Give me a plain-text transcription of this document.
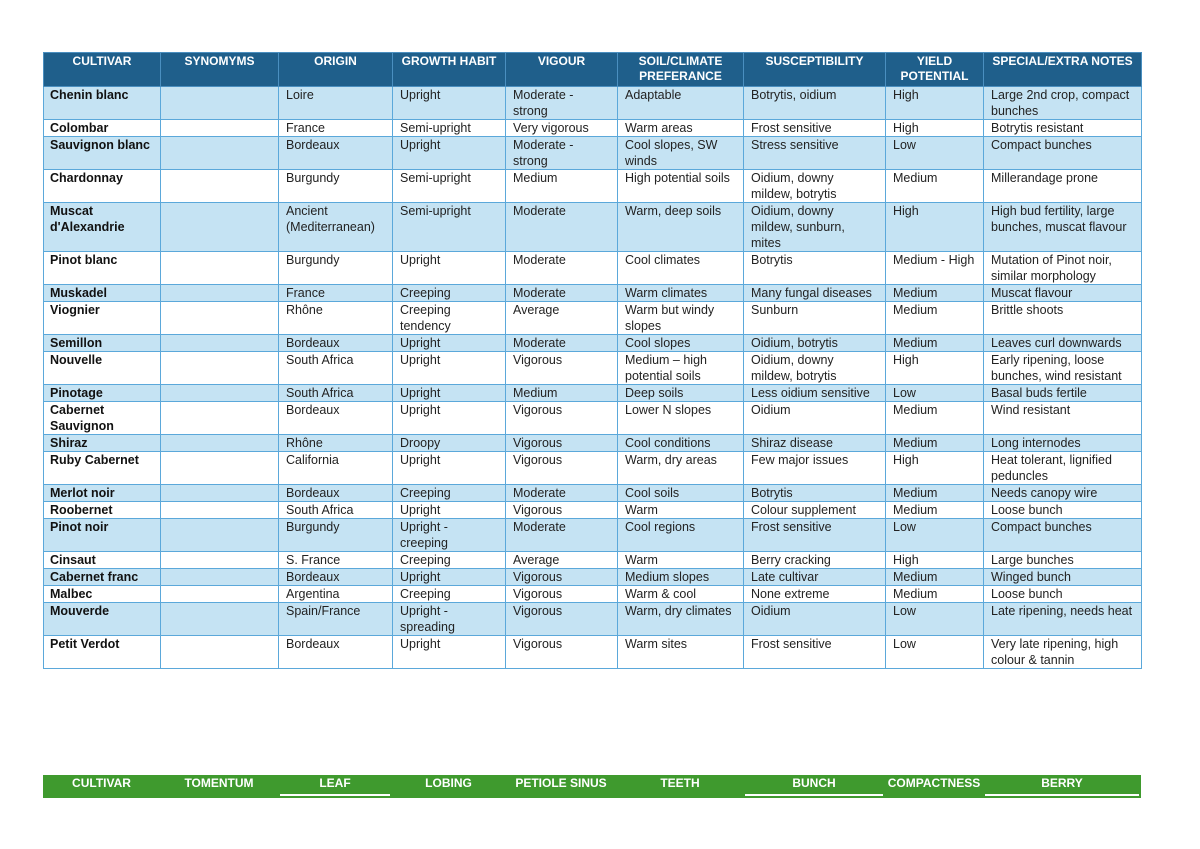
CULTIVAR	SYNOMYMS	ORIGIN	GROWTH HABIT	VIGOUR	SOIL/CLIMATE PREFERANCE	SUSCEPTIBILITY	YIELD POTENTIAL	SPECIAL/EXTRA NOTES
Chenin blanc		Loire	Upright	Moderate - strong	Adaptable	Botrytis, oidium	High	Large 2nd crop, compact bunches
Colombar		France	Semi-upright	Very vigorous	Warm areas	Frost sensitive	High	Botrytis resistant
Sauvignon blanc		Bordeaux	Upright	Moderate - strong	Cool slopes, SW winds	Stress sensitive	Low	Compact bunches
Chardonnay		Burgundy	Semi-upright	Medium	High potential soils	Oidium, downy mildew, botrytis	Medium	Millerandage prone
Muscat d'Alexandrie		Ancient (Mediterranean)	Semi-upright	Moderate	Warm, deep soils	Oidium, downy mildew, sunburn, mites	High	High bud fertility, large bunches, muscat flavour
Pinot blanc		Burgundy	Upright	Moderate	Cool climates	Botrytis	Medium - High	Mutation of Pinot noir, similar morphology
Muskadel		France	Creeping	Moderate	Warm climates	Many fungal diseases	Medium	Muscat flavour
Viognier		Rhône	Creeping tendency	Average	Warm but windy slopes	Sunburn	Medium	Brittle shoots
Semillon		Bordeaux	Upright	Moderate	Cool slopes	Oidium, botrytis	Medium	Leaves curl downwards
Nouvelle		South Africa	Upright	Vigorous	Medium – high potential soils	Oidium, downy mildew, botrytis	High	Early ripening, loose bunches, wind resistant
Pinotage		South Africa	Upright	Medium	Deep soils	Less oidium sensitive	Low	Basal buds fertile
Cabernet Sauvignon		Bordeaux	Upright	Vigorous	Lower N slopes	Oidium	Medium	Wind resistant
Shiraz		Rhône	Droopy	Vigorous	Cool conditions	Shiraz disease	Medium	Long internodes
Ruby Cabernet		California	Upright	Vigorous	Warm, dry areas	Few major issues	High	Heat tolerant, lignified peduncles
Merlot noir		Bordeaux	Creeping	Moderate	Cool soils	Botrytis	Medium	Needs canopy wire
Roobernet		South Africa	Upright	Vigorous	Warm	Colour supplement	Medium	Loose bunch
Pinot noir		Burgundy	Upright - creeping	Moderate	Cool regions	Frost sensitive	Low	Compact bunches
Cinsaut		S. France	Creeping	Average	Warm	Berry cracking	High	Large bunches
Cabernet franc		Bordeaux	Upright	Vigorous	Medium slopes	Late cultivar	Medium	Winged bunch
Malbec		Argentina	Creeping	Vigorous	Warm & cool	None extreme	Medium	Loose bunch
Mouverde		Spain/France	Upright - spreading	Vigorous	Warm, dry climates	Oidium	Low	Late ripening, needs heat
Petit Verdot		Bordeaux	Upright	Vigorous	Warm sites	Frost sensitive	Low	Very late ripening, high colour & tannin
CULTIVAR	TOMENTUM	LEAF	LOBING	PETIOLE SINUS	TEETH	BUNCH	COMPACTNESS	BERRY
